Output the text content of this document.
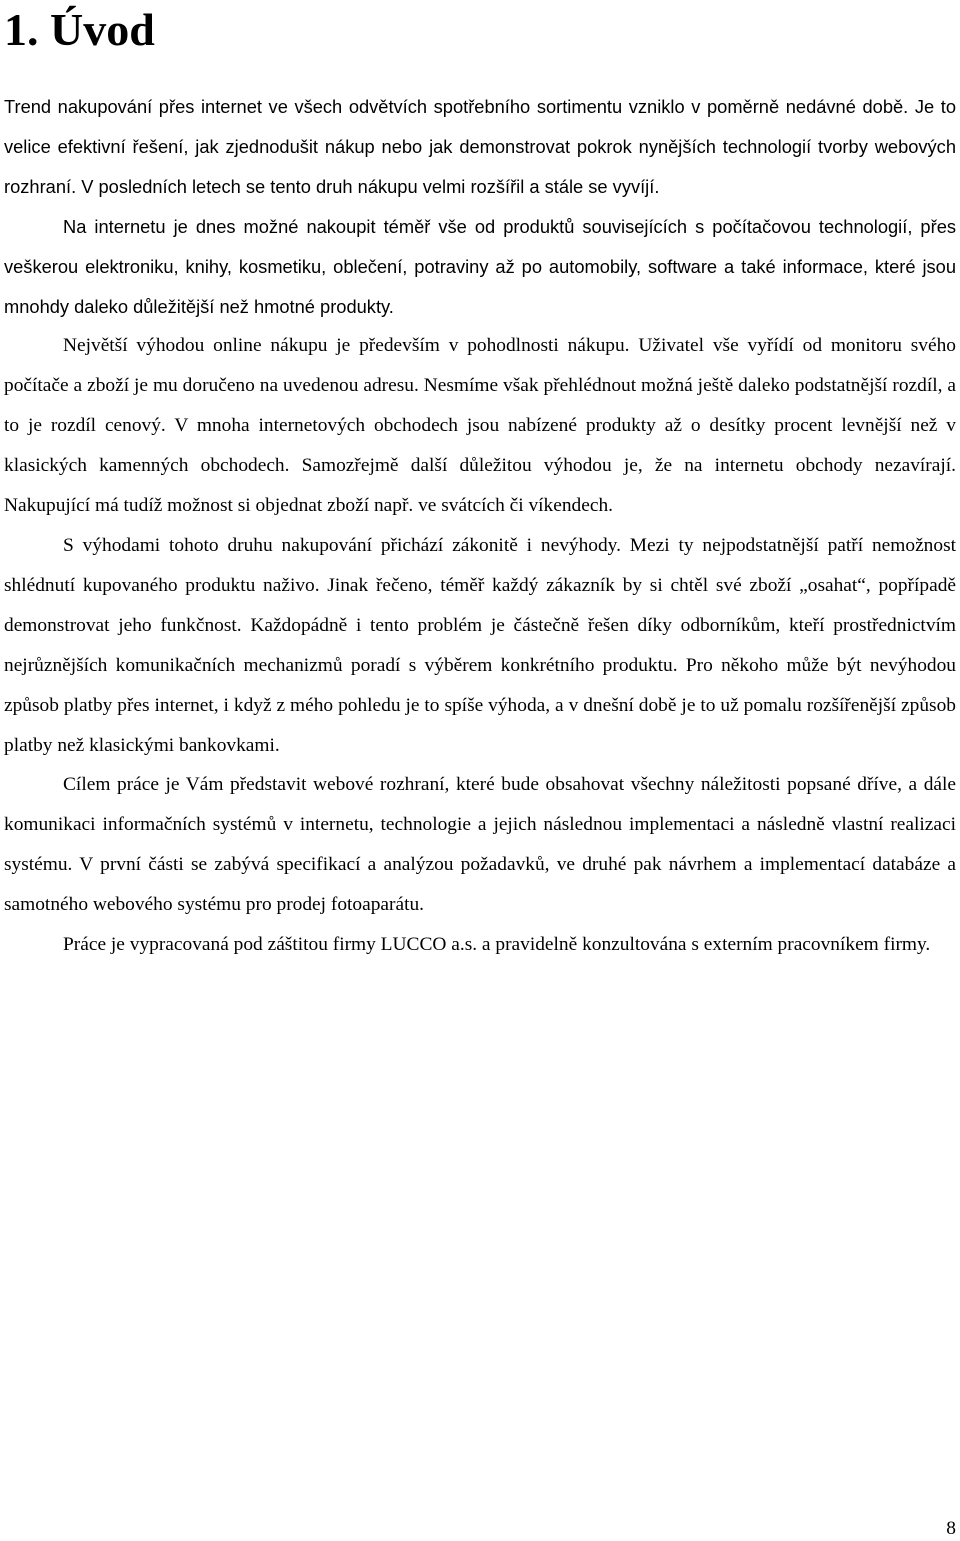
1. Úvod

Trend nakupování přes internet ve všech odvětvích spotřebního sortimentu vzniklo v poměrně nedávné době. Je to velice efektivní řešení, jak zjednodušit nákup nebo jak demonstrovat pokrok nynějších technologií tvorby webových rozhraní. V posledních letech se tento druh nákupu velmi rozšířil a stále se vyvíjí.

Na internetu je dnes možné nakoupit téměř vše od produktů souvisejících s počítačovou technologií, přes veškerou elektroniku, knihy, kosmetiku, oblečení, potraviny až po automobily, software a také informace, které jsou mnohdy daleko důležitější než hmotné produkty.

Největší výhodou online nákupu je především v pohodlnosti nákupu. Uživatel vše vyřídí od monitoru svého počítače a zboží je mu doručeno na uvedenou adresu. Nesmíme však přehlédnout možná ještě daleko podstatnější rozdíl, a to je rozdíl cenový. V mnoha internetových obchodech jsou nabízené produkty až o desítky procent levnější než v klasických kamenných obchodech. Samozřejmě další důležitou výhodou je, že na internetu obchody nezavírají. Nakupující má tudíž možnost si objednat zboží např. ve svátcích či víkendech.

S výhodami tohoto druhu nakupování přichází zákonitě i nevýhody. Mezi ty nejpodstatnější patří nemožnost shlédnutí kupovaného produktu naživo. Jinak řečeno, téměř každý zákazník by si chtěl své zboží „osahat“, popřípadě demonstrovat jeho funkčnost. Každopádně i tento problém je částečně řešen díky odborníkům, kteří prostřednictvím nejrůznějších komunikačních mechanizmů poradí s výběrem konkrétního produktu. Pro někoho může být nevýhodou způsob platby přes internet, i když z mého pohledu je to spíše výhoda, a v dnešní době je to už pomalu rozšířenější způsob platby než klasickými bankovkami.

Cílem práce je Vám představit webové rozhraní, které bude obsahovat všechny náležitosti popsané dříve, a dále komunikaci informačních systémů v internetu, technologie a jejich následnou implementaci a následně vlastní realizaci systému. V první části se zabývá specifikací a analýzou požadavků, ve druhé pak návrhem a implementací databáze a samotného webového systému pro prodej fotoaparátu.

Práce je vypracovaná pod záštitou firmy LUCCO a.s. a pravidelně konzultována s externím pracovníkem firmy.

8
